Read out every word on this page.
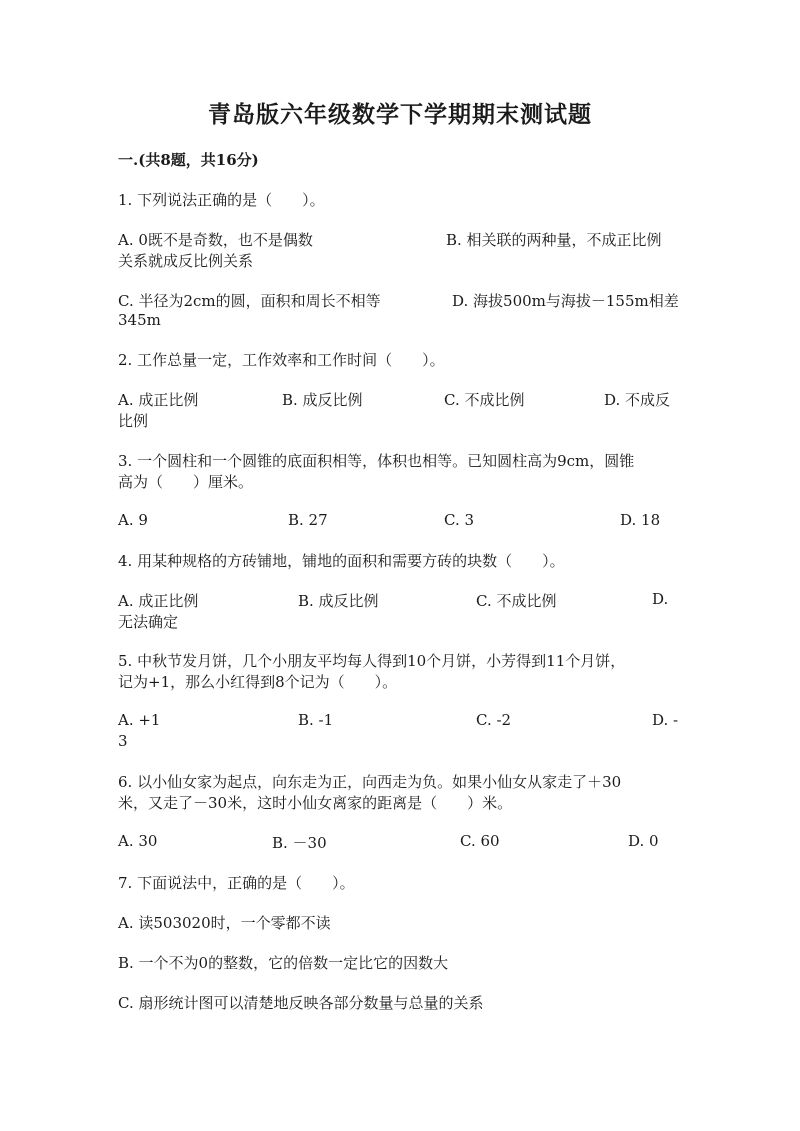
青岛版六年级数学下学期期末测试题
一.(共8题，共16分)
1. 下列说法正确的是（　　）。
A. 0既不是奇数，也不是偶数	B. 相关联的两种量，不成正比例
关系就成反比例关系
C. 半径为2cm的圆，面积和周长不相等	D. 海拔500m与海拔－155m相差
345m
2. 工作总量一定，工作效率和工作时间（　　）。
A. 成正比例	B. 成反比例	C. 不成比例	D. 不成反
比例
3. 一个圆柱和一个圆锥的底面积相等，体积也相等。已知圆柱高为9cm，圆锥
高为（　　）厘米。
A. 9	B. 27	C. 3	D. 18
4. 用某种规格的方砖铺地，铺地的面积和需要方砖的块数（　　）。
A. 成正比例	B. 成反比例	C. 不成比例	D.
无法确定
5. 中秋节发月饼，几个小朋友平均每人得到10个月饼，小芳得到11个月饼，
记为+1，那么小红得到8个记为（　　）。
A. +1	B. -1	C. -2	D. -
3
6. 以小仙女家为起点，向东走为正，向西走为负。如果小仙女从家走了＋30
米，又走了－30米，这时小仙女离家的距离是（　　）米。
A. 30	B. －30	C. 60	D. 0
7. 下面说法中，正确的是（　　）。
A. 读503020时，一个零都不读
B. 一个不为0的整数，它的倍数一定比它的因数大
C. 扇形统计图可以清楚地反映各部分数量与总量的关系
